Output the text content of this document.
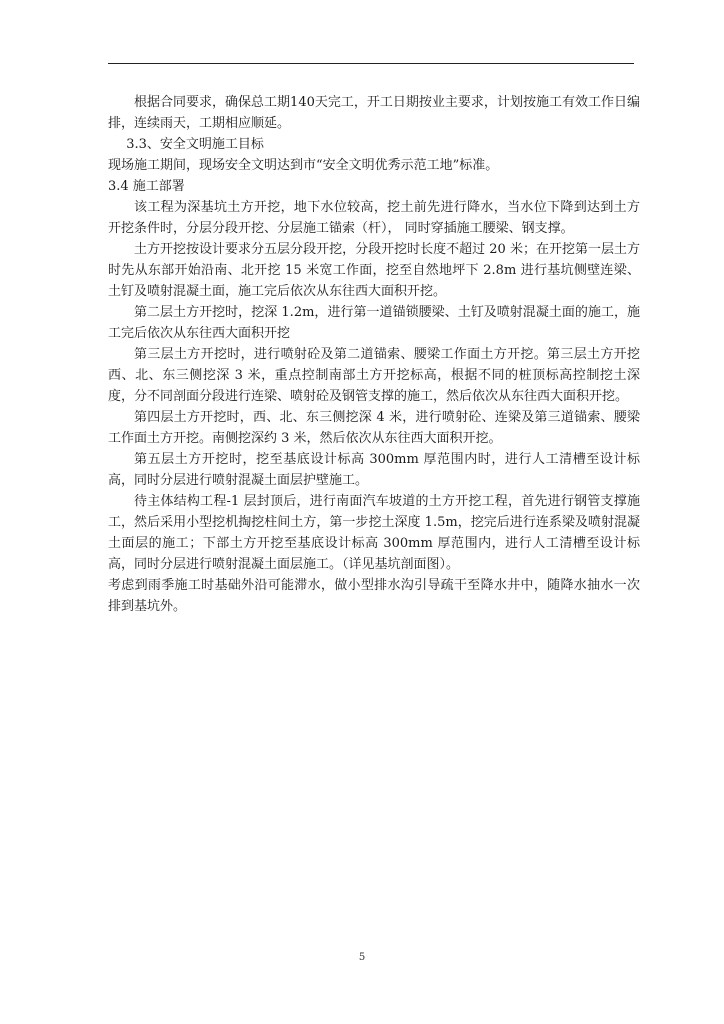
根据合同要求，确保总工期140天完工，开工日期按业主要求，计划按施工有效工作日编排，连续雨天，工期相应顺延。

3.3、安全文明施工目标

现场施工期间，现场安全文明达到市“安全文明优秀示范工地”标准。

3.4 施工部署

该工程为深基坑土方开挖，地下水位较高，挖土前先进行降水，当水位下降到达到土方开挖条件时，分层分段开挖、分层施工锚索（杆）， 同时穿插施工腰梁、钢支撑。

土方开挖按设计要求分五层分段开挖，分段开挖时长度不超过 20 米；在开挖第一层土方时先从东部开始沿南、北开挖 15 米宽工作面，挖至自然地坪下 2.8m 进行基坑侧壁连梁、土钉及喷射混凝土面，施工完后依次从东往西大面积开挖。

第二层土方开挖时，挖深 1.2m，进行第一道锚锁腰梁、土钉及喷射混凝土面的施工，施工完后依次从东往西大面积开挖

第三层土方开挖时，进行喷射砼及第二道锚索、腰梁工作面土方开挖。第三层土方开挖西、北、东三侧挖深 3 米，重点控制南部土方开挖标高，根据不同的桩顶标高控制挖土深度，分不同剖面分段进行连梁、喷射砼及钢管支撑的施工，然后依次从东往西大面积开挖。

第四层土方开挖时，西、北、东三侧挖深 4 米，进行喷射砼、连梁及第三道锚索、腰梁工作面土方开挖。南侧挖深约 3 米，然后依次从东往西大面积开挖。

第五层土方开挖时，挖至基底设计标高 300mm 厚范围内时，进行人工清槽至设计标高，同时分层进行喷射混凝土面层护壁施工。

待主体结构工程-1 层封顶后，进行南面汽车坡道的土方开挖工程，首先进行钢管支撑施工，然后采用小型挖机掏挖柱间土方，第一步挖土深度 1.5m，挖完后进行连系梁及喷射混凝土面层的施工；下部土方开挖至基底设计标高 300mm 厚范围内，进行人工清槽至设计标高，同时分层进行喷射混凝土面层施工。（详见基坑剖面图）。

考虑到雨季施工时基础外沿可能滞水，做小型排水沟引导疏干至降水井中，随降水抽水一次排到基坑外。

5
